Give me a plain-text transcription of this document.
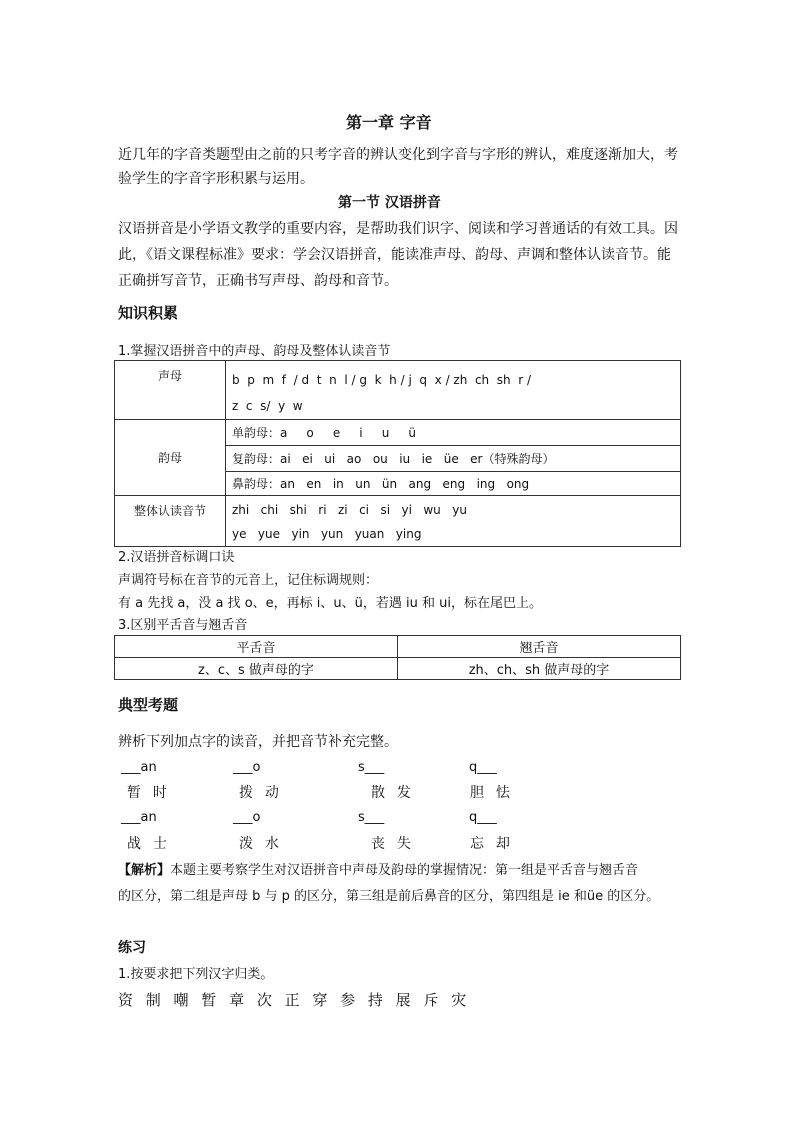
第一章 字音
近几年的字音类题型由之前的只考字音的辨认变化到字音与字形的辨认，难度逐渐加大，考
验学生的字音字形积累与运用。
第一节 汉语拼音
汉语拼音是小学语文教学的重要内容，是帮助我们识字、阅读和学习普通话的有效工具。因
此，《语文课程标准》要求：学会汉语拼音，能读准声母、韵母、声调和整体认读音节。能
正确拼写音节，正确书写声母、韵母和音节。
知识积累
1.掌握汉语拼音中的声母、韵母及整体认读音节
声母	b  p  m  f  / d  t  n  l / g  k  h / j  q  x / zh  ch  sh  r /
z  c  s/  y  w

韵母	单韵母：a     o     e     i     u     ü
	复韵母：ai   ei   ui   ao   ou   iu   ie   üe   er（特殊韵母）
	鼻韵母：an   en   in   un   ün   ang   eng   ing   ong
整体认读音节	zhi   chi   shi   ri   zi   ci   si   yi   wu   yu
ye   yue   yin   yun   yuan   ying
2.汉语拼音标调口诀
声调符号标在音节的元音上，记住标调规则：
有 a 先找 a，没 a 找 o、e，再标 i、u、ü，若遇 iu 和 ui，标在尾巴上。
3.区别平舌音与翘舌音
平舌音	翘舌音
z、c、s 做声母的字	zh、ch、sh 做声母的字
典型考题
辨析下列加点字的读音，并把音节补充完整。
___an	___o	s___	q___
暂  时	拨  动	散  发	胆  怯
___an	___o	s___	q___
战  士	泼  水	丧  失	忘  却
【解析】本题主要考察学生对汉语拼音中声母及韵母的掌握情况：第一组是平舌音与翘舌音
的区分，第二组是声母 b 与 p 的区分，第三组是前后鼻音的区分，第四组是 ie 和üe 的区分。
练习
1.按要求把下列汉字归类。
资 制 嘲 暂 章 次 正 穿 参 持 展 斥 灾
